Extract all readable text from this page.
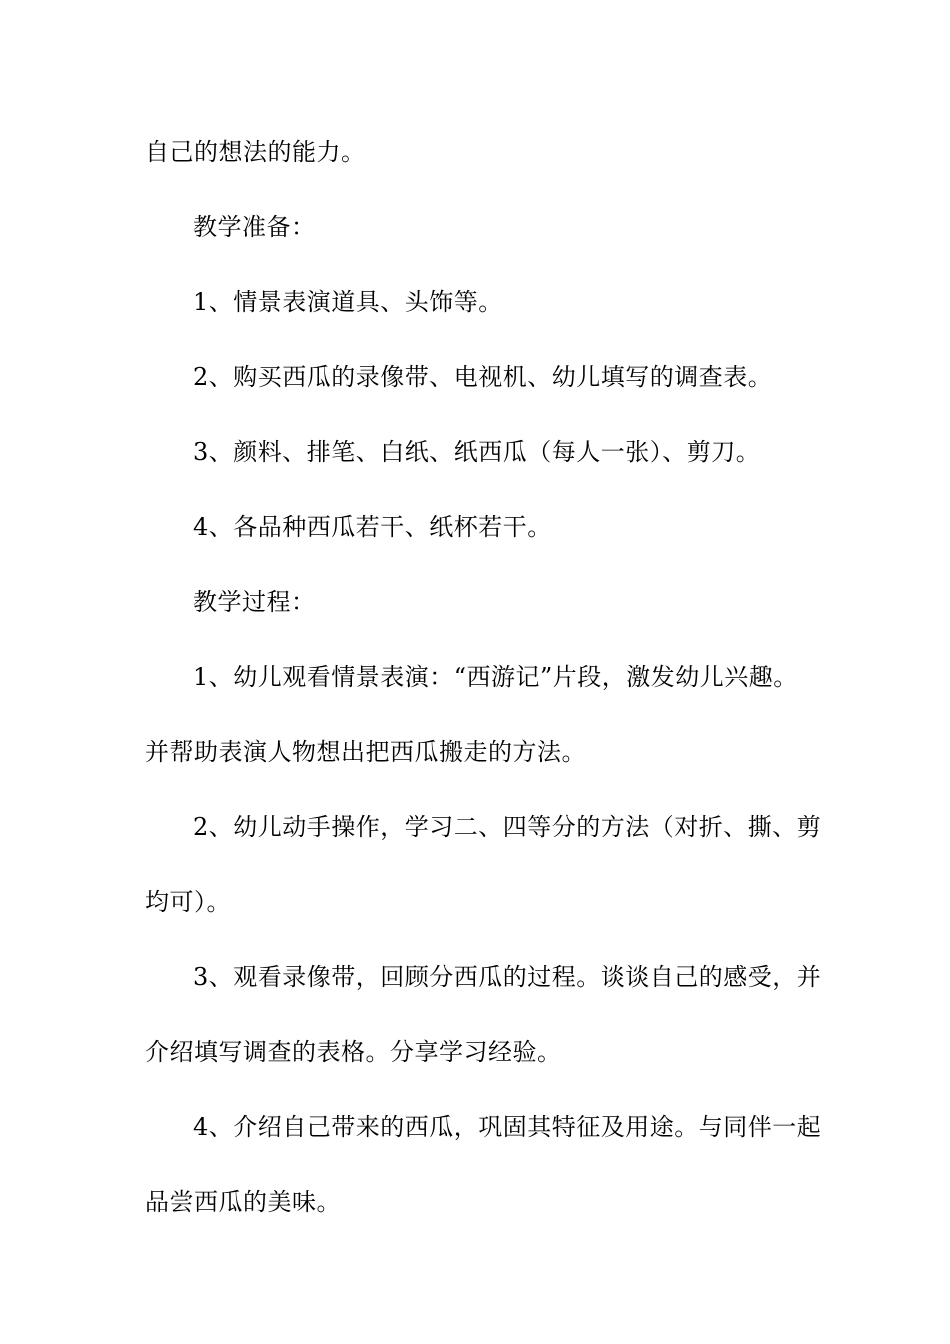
自己的想法的能力。
教学准备：
1、情景表演道具、头饰等。
2、购买西瓜的录像带、电视机、幼儿填写的调查表。
3、颜料、排笔、白纸、纸西瓜（每人一张）、剪刀。
4、各品种西瓜若干、纸杯若干。
教学过程：
1、幼儿观看情景表演：“西游记”片段，激发幼儿兴趣。
并帮助表演人物想出把西瓜搬走的方法。
2、幼儿动手操作，学习二、四等分的方法（对折、撕、剪
均可）。
3、观看录像带，回顾分西瓜的过程。谈谈自己的感受，并
介绍填写调查的表格。分享学习经验。
4、介绍自己带来的西瓜，巩固其特征及用途。与同伴一起
品尝西瓜的美味。
